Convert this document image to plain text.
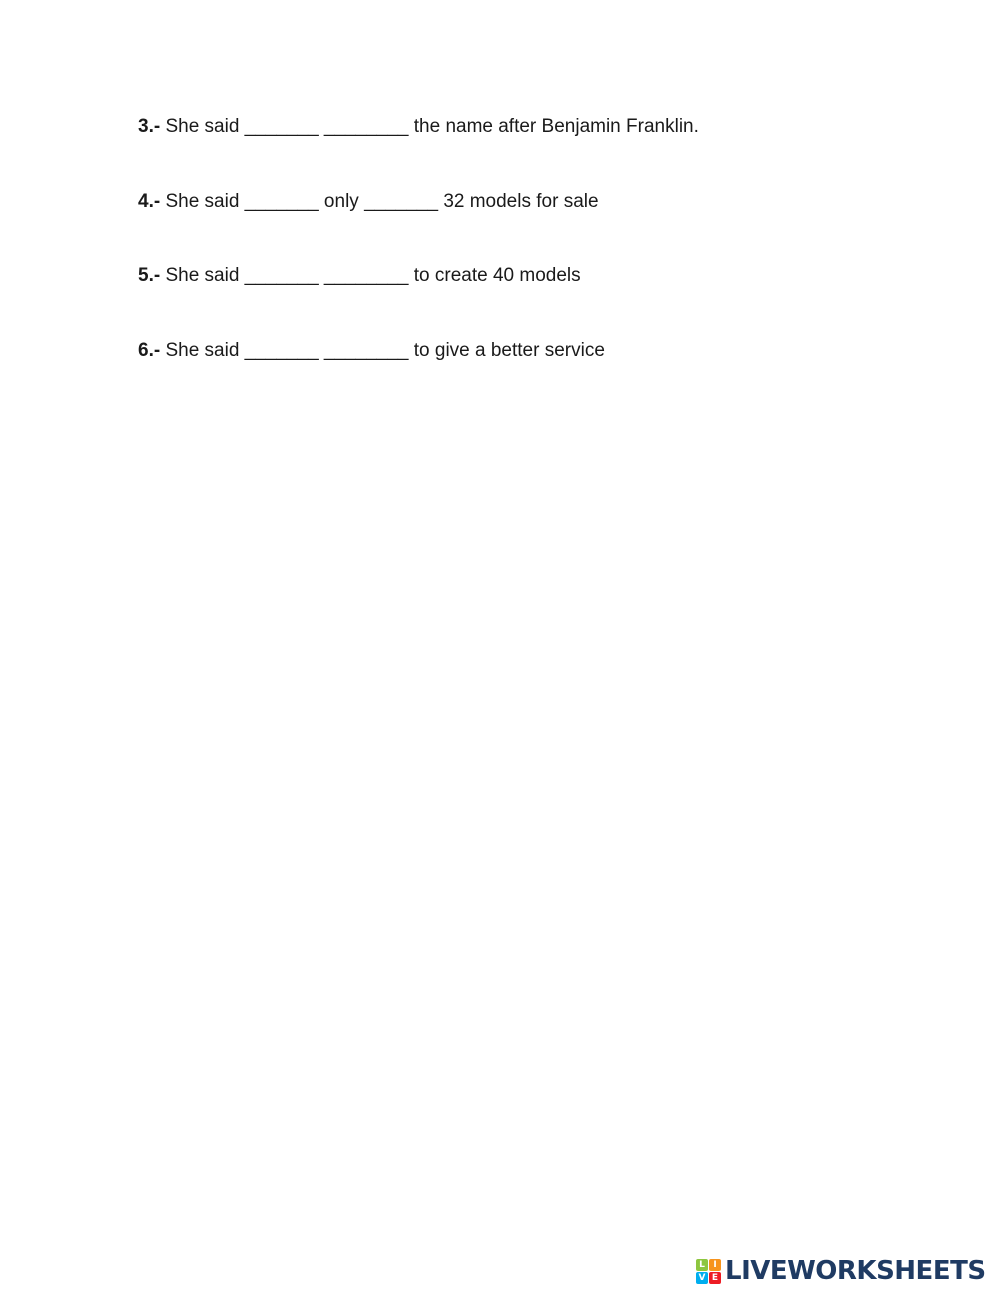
3.- She said _______ ________ the name after Benjamin Franklin.
4.- She said _______ only _______ 32 models for sale
5.- She said _______ ________ to create 40 models
6.- She said _______ ________ to give a better service
L I
V E LIVEWORKSHEETS
